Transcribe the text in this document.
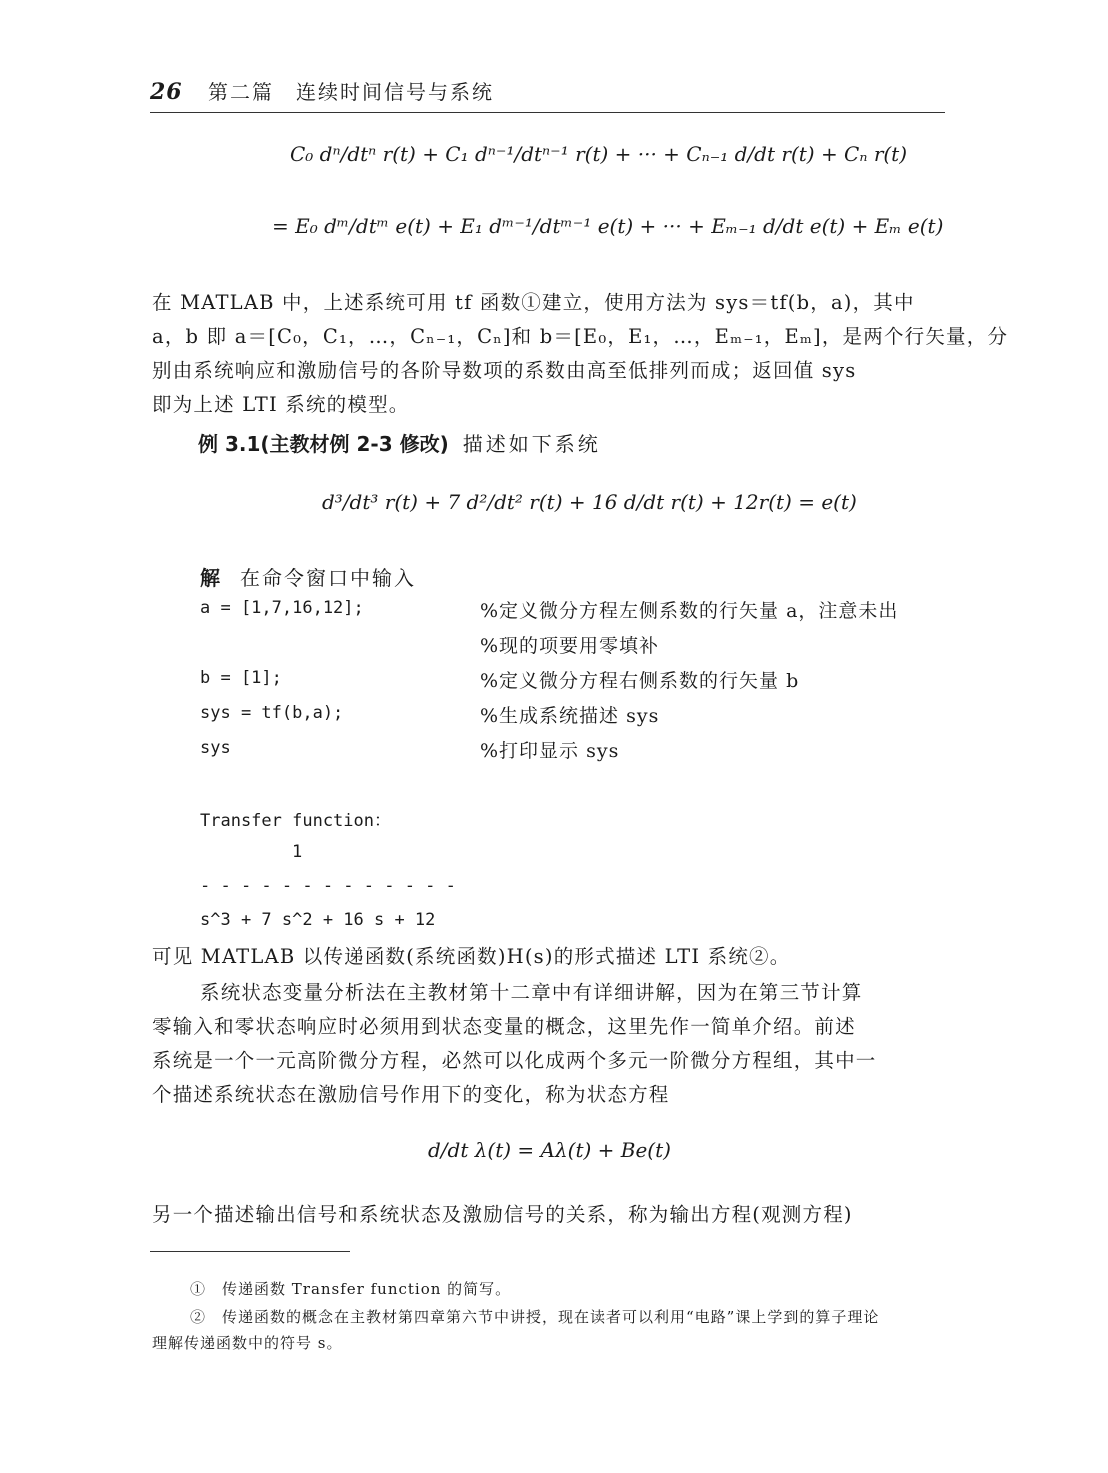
26 第二篇　连续时间信号与系统
C₀ dⁿ/dtⁿ r(t) + C₁ dⁿ⁻¹/dtⁿ⁻¹ r(t) + ··· + Cₙ₋₁ d/dt r(t) + Cₙ r(t)
= E₀ dᵐ/dtᵐ e(t) + E₁ dᵐ⁻¹/dtᵐ⁻¹ e(t) + ··· + Eₘ₋₁ d/dt e(t) + Eₘ e(t)
在 MATLAB 中，上述系统可用 tf 函数①建立，使用方法为 sys＝tf(b，a)，其中
a，b 即 a＝[C₀，C₁，…，Cₙ₋₁，Cₙ]和 b＝[E₀，E₁，…，Eₘ₋₁，Eₘ]，是两个行矢量，分
别由系统响应和激励信号的各阶导数项的系数由高至低排列而成；返回值 sys
即为上述 LTI 系统的模型。
例 3.1(主教材例 2-3 修改) 描述如下系统
d³/dt³ r(t) + 7 d²/dt² r(t) + 16 d/dt r(t) + 12r(t) = e(t)
解 在命令窗口中输入
a = [1,7,16,12];	%定义微分方程左侧系数的行矢量 a，注意未出
%现的项要用零填补
b = [1];	%定义微分方程右侧系数的行矢量 b
sys = tf(b,a);	%生成系统描述 sys
sys	%打印显示 sys
Transfer function：
1
- - - - - - - - - - - - -
s^3 + 7 s^2 + 16 s + 12
可见 MATLAB 以传递函数(系统函数)H(s)的形式描述 LTI 系统②。
系统状态变量分析法在主教材第十二章中有详细讲解，因为在第三节计算
零输入和零状态响应时必须用到状态变量的概念，这里先作一简单介绍。前述
系统是一个一元高阶微分方程，必然可以化成两个多元一阶微分方程组，其中一
个描述系统状态在激励信号作用下的变化，称为状态方程
d/dt λ(t) = Aλ(t) + Be(t)
另一个描述输出信号和系统状态及激励信号的关系，称为输出方程(观测方程)
①　传递函数 Transfer function 的简写。
②　传递函数的概念在主教材第四章第六节中讲授，现在读者可以利用“电路”课上学到的算子理论
理解传递函数中的符号 s。
